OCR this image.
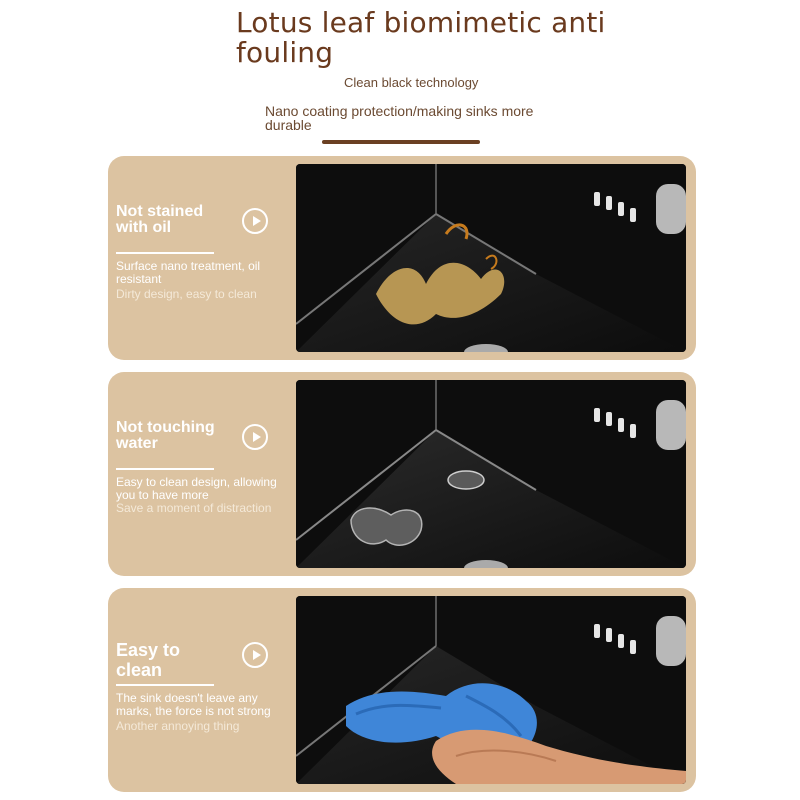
Lotus leaf biomimetic anti fouling
Clean black technology
Nano coating protection/making sinks more durable
Not stained with oil
Surface nano treatment, oil resistant
Dirty design, easy to clean
Not touching water
Easy to clean design, allowing you to have more
Save a moment of distraction
Easy to clean
The sink doesn't leave any marks, the force is not strong
Another annoying thing
